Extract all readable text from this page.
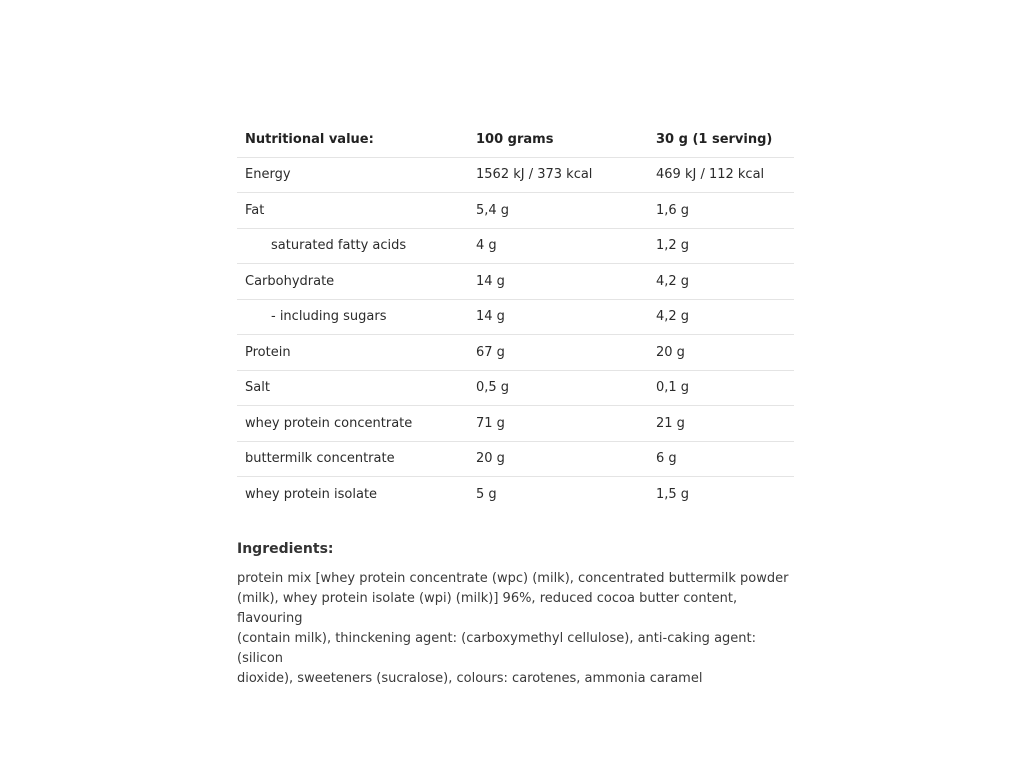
Nutritional value:	100 grams	30 g (1 serving)
Energy	1562 kJ / 373 kcal	469 kJ / 112 kcal
Fat	5,4 g	1,6 g
saturated fatty acids	4 g	1,2 g
Carbohydrate	14 g	4,2 g
- including sugars	14 g	4,2 g
Protein	67 g	20 g
Salt	0,5 g	0,1 g
whey protein concentrate	71 g	21 g
buttermilk concentrate	20 g	6 g
whey protein isolate	5 g	1,5 g
Ingredients:

protein mix [whey protein concentrate (wpc) (milk), concentrated buttermilk powder
(milk), whey protein isolate (wpi) (milk)] 96%, reduced cocoa butter content, flavouring
(contain milk), thinckening agent: (carboxymethyl cellulose), anti-caking agent: (silicon
dioxide), sweeteners (sucralose), colours: carotenes, ammonia caramel
